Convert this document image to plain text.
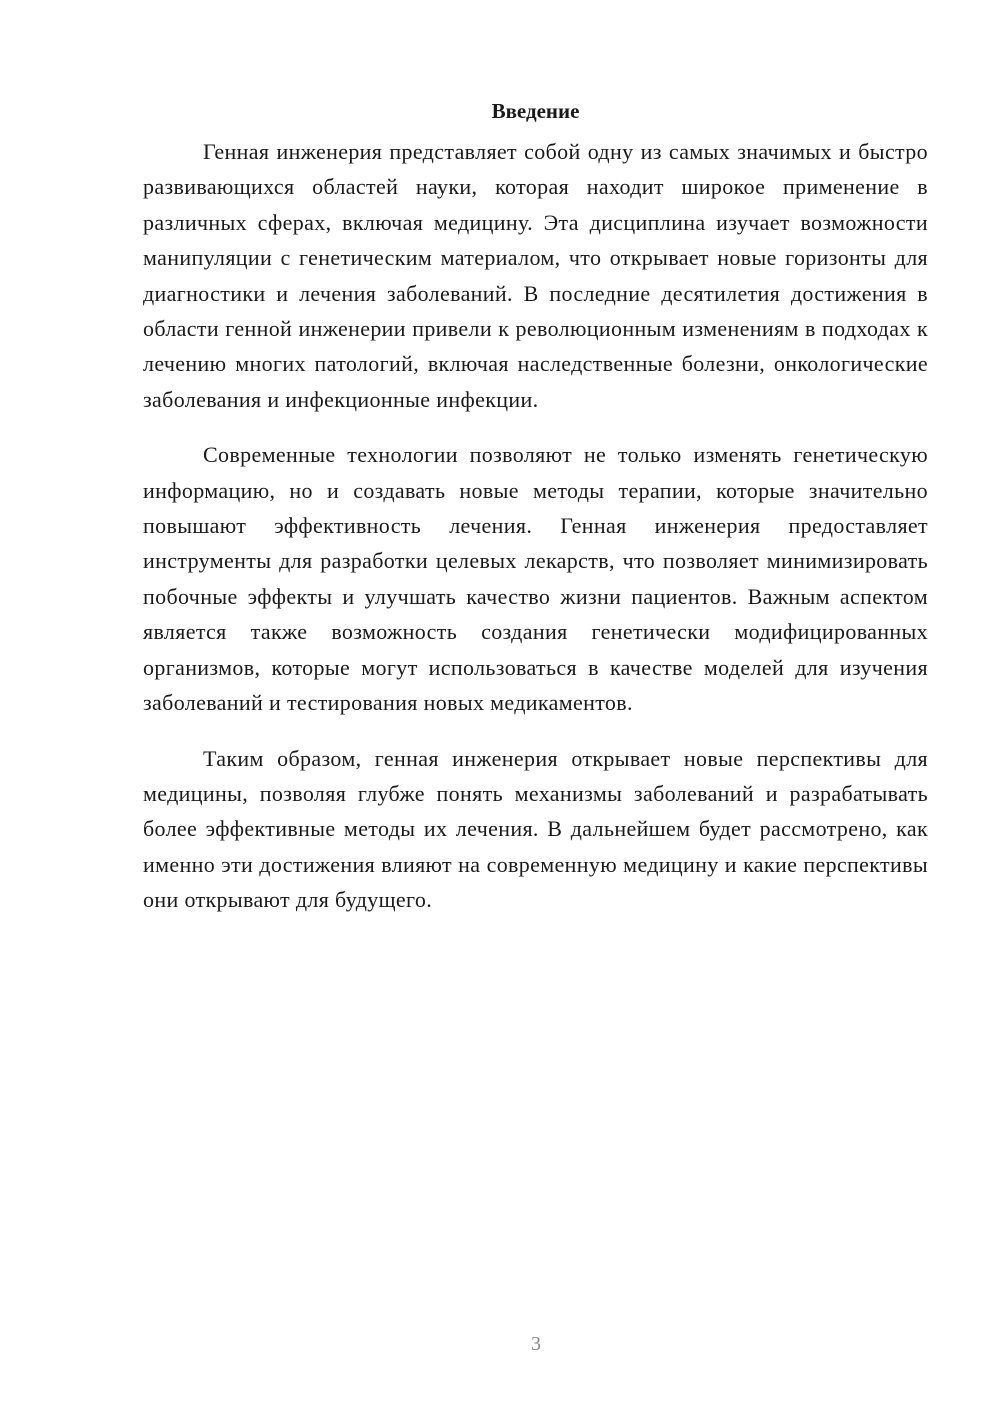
Введение

Генная инженерия представляет собой одну из самых значимых и быстро развивающихся областей науки, которая находит широкое применение в различных сферах, включая медицину. Эта дисциплина изучает возможности манипуляции с генетическим материалом, что открывает новые горизонты для диагностики и лечения заболеваний. В последние десятилетия достижения в области генной инженерии привели к революционным изменениям в подходах к лечению многих патологий, включая наследственные болезни, онкологические заболевания и инфекционные инфекции.

Современные технологии позволяют не только изменять генетическую информацию, но и создавать новые методы терапии, которые значительно повышают эффективность лечения. Генная инженерия предоставляет инструменты для разработки целевых лекарств, что позволяет минимизировать побочные эффекты и улучшать качество жизни пациентов. Важным аспектом является также возможность создания генетически модифицированных организмов, которые могут использоваться в качестве моделей для изучения заболеваний и тестирования новых медикаментов.

Таким образом, генная инженерия открывает новые перспективы для медицины, позволяя глубже понять механизмы заболеваний и разрабатывать более эффективные методы их лечения. В дальнейшем будет рассмотрено, как именно эти достижения влияют на современную медицину и какие перспективы они открывают для будущего.

3
